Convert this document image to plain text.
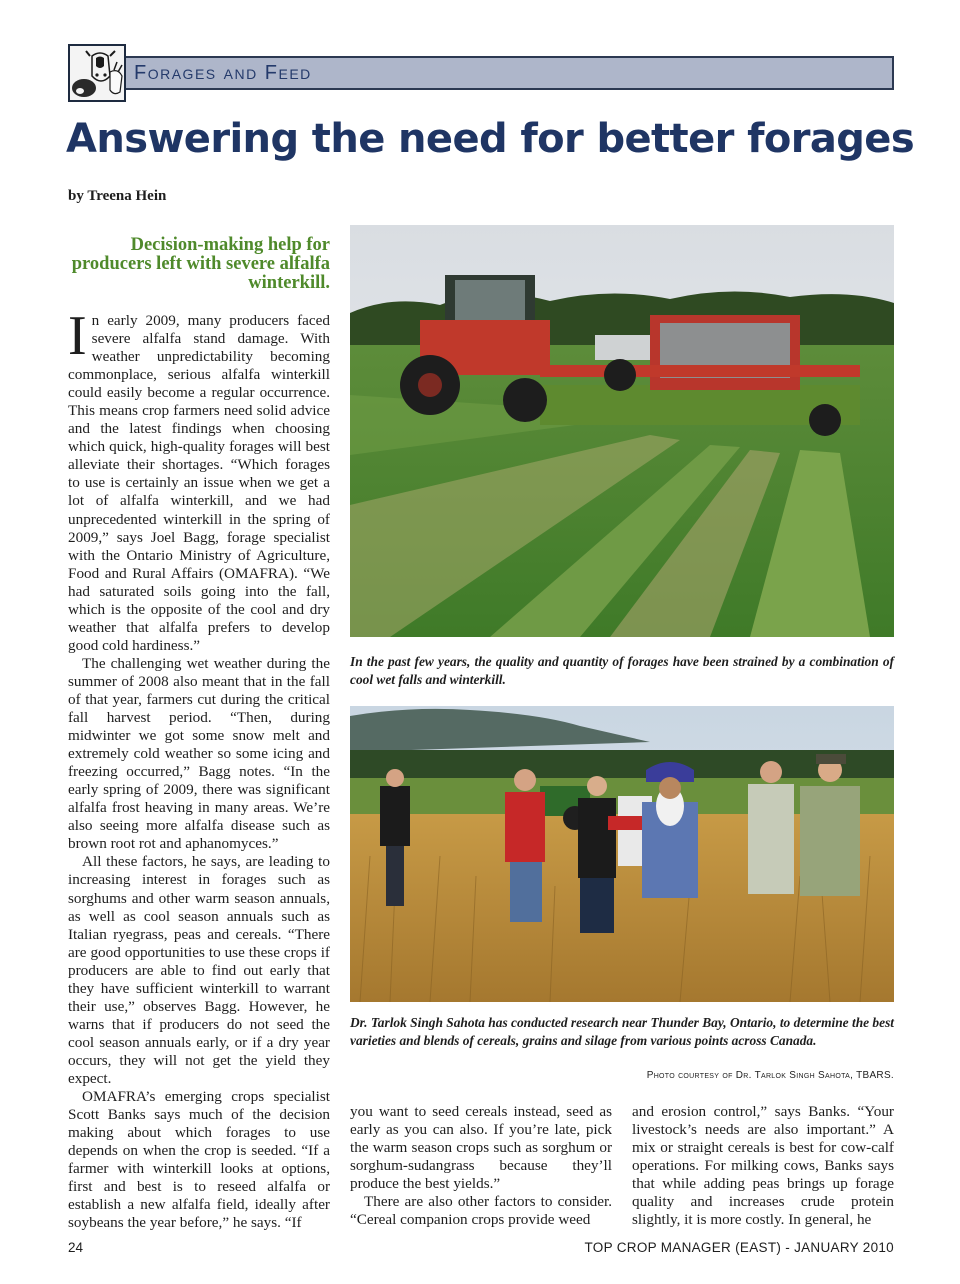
Forages and Feed
Answering the need for better forages
by Treena Hein
Decision-making help for producers left with severe alfalfa winterkill.

In early 2009, many producers faced severe alfalfa stand damage. With weather unpredictability becoming commonplace, serious alfalfa winterkill could easily become a regular occurrence. This means crop farmers need solid advice and the latest findings when choosing which quick, high-quality forages will best alleviate their shortages. “Which forages to use is certainly an issue when we get a lot of alfalfa winterkill, and we had unprecedented winterkill in the spring of 2009,” says Joel Bagg, forage specialist with the Ontario Ministry of Agriculture, Food and Rural Affairs (OMAFRA). “We had saturated soils going into the fall, which is the opposite of the cool and dry weather that alfalfa prefers to develop good cold hardiness.”

The challenging wet weather during the summer of 2008 also meant that in the fall of that year, farmers cut during the critical fall harvest period. “Then, during midwinter we got some snow melt and extremely cold weather so some icing and freezing occurred,” Bagg notes. “In the early spring of 2009, there was significant alfalfa frost heaving in many areas. We’re also seeing more alfalfa disease such as brown root rot and aphanomyces.”

All these factors, he says, are leading to increasing interest in forages such as sorghums and other warm season annuals, as well as cool season annuals such as Italian ryegrass, peas and cereals. “There are good opportunities to use these crops if producers are able to find out early that they have sufficient winterkill to warrant their use,” observes Bagg. However, he warns that if producers do not seed the cool season annuals early, or if a dry year occurs, they will not get the yield they expect.

OMAFRA’s emerging crops specialist Scott Banks says much of the decision making about which forages to use depends on when the crop is seeded. “If a farmer with winterkill looks at options, first and best is to reseed alfalfa or establish a new alfalfa field, ideally after soybeans the year before,” he says. “If

In the past few years, the quality and quantity of forages have been strained by a combination of cool wet falls and winterkill.
Dr. Tarlok Singh Sahota has conducted research near Thunder Bay, Ontario, to determine the best varieties and blends of cereals, grains and silage from various points across Canada.
Photo courtesy of Dr. Tarlok Singh Sahota, TBARS.

you want to seed cereals instead, seed as early as you can also. If you’re late, pick the warm season crops such as sorghum or sorghum-sudangrass because they’ll produce the best yields.”

There are also other factors to consider. “Cereal companion crops provide weed

and erosion control,” says Banks. “Your livestock’s needs are also important.” A mix or straight cereals is best for cow-calf operations. For milking cows, Banks says that while adding peas brings up forage quality and increases crude protein slightly, it is more costly. In general, he

24	TOP CROP MANAGER (EAST) - JANUARY 2010
